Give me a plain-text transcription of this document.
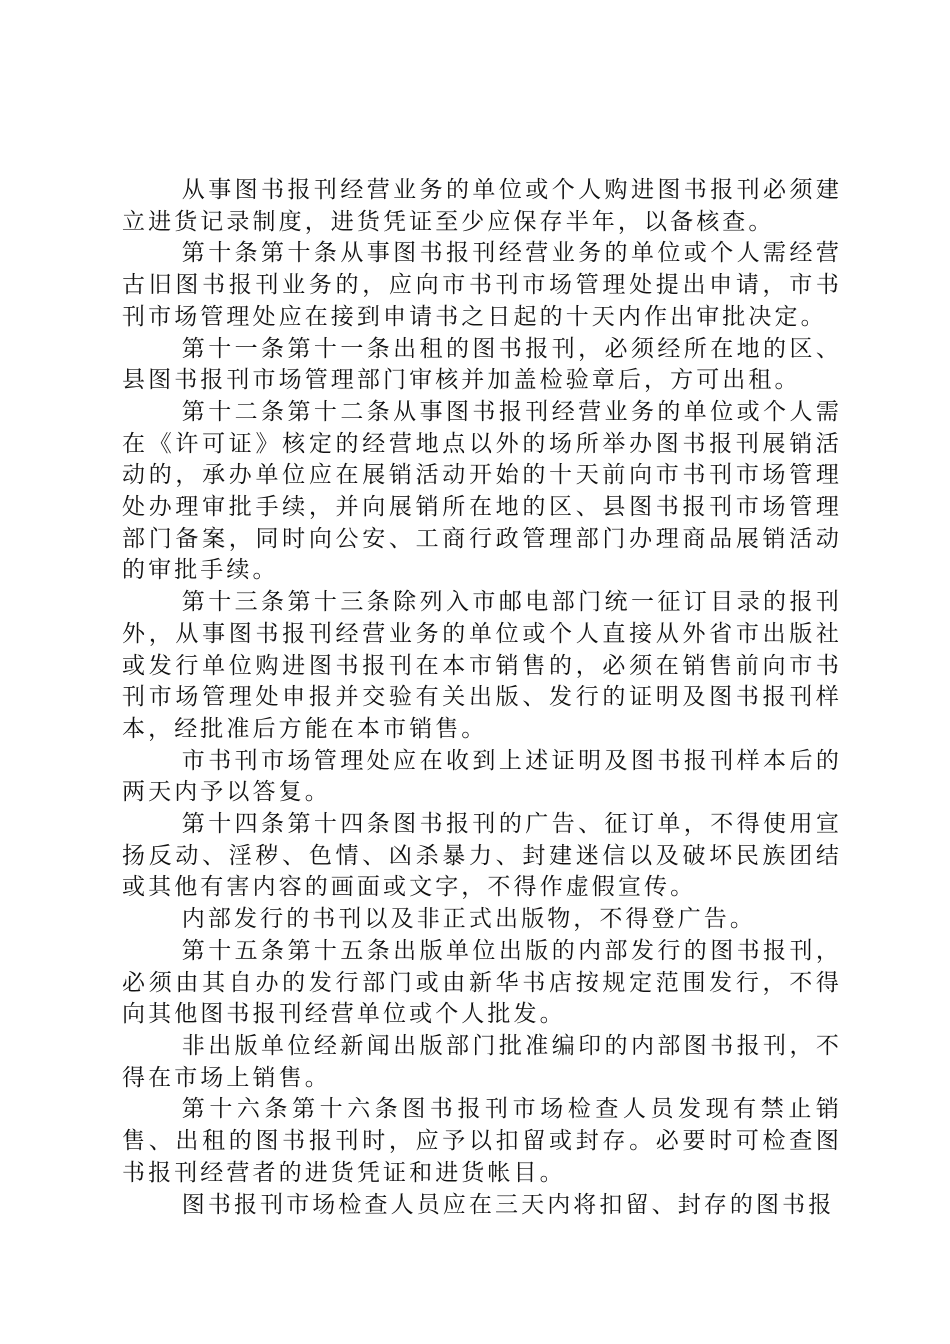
从事图书报刊经营业务的单位或个人购进图书报刊必须建立进货记录制度，进货凭证至少应保存半年，以备核查。

第十条第十条从事图书报刊经营业务的单位或个人需经营古旧图书报刊业务的，应向市书刊市场管理处提出申请，市书刊市场管理处应在接到申请书之日起的十天内作出审批决定。

第十一条第十一条出租的图书报刊，必须经所在地的区、县图书报刊市场管理部门审核并加盖检验章后，方可出租。

第十二条第十二条从事图书报刊经营业务的单位或个人需在《许可证》核定的经营地点以外的场所举办图书报刊展销活动的，承办单位应在展销活动开始的十天前向市书刊市场管理处办理审批手续，并向展销所在地的区、县图书报刊市场管理部门备案，同时向公安、工商行政管理部门办理商品展销活动的审批手续。

第十三条第十三条除列入市邮电部门统一征订目录的报刊外，从事图书报刊经营业务的单位或个人直接从外省市出版社或发行单位购进图书报刊在本市销售的，必须在销售前向市书刊市场管理处申报并交验有关出版、发行的证明及图书报刊样本，经批准后方能在本市销售。

市书刊市场管理处应在收到上述证明及图书报刊样本后的两天内予以答复。

第十四条第十四条图书报刊的广告、征订单，不得使用宣扬反动、淫秽、色情、凶杀暴力、封建迷信以及破坏民族团结或其他有害内容的画面或文字，不得作虚假宣传。

内部发行的书刊以及非正式出版物，不得登广告。

第十五条第十五条出版单位出版的内部发行的图书报刊，必须由其自办的发行部门或由新华书店按规定范围发行，不得向其他图书报刊经营单位或个人批发。

非出版单位经新闻出版部门批准编印的内部图书报刊，不得在市场上销售。

第十六条第十六条图书报刊市场检查人员发现有禁止销售、出租的图书报刊时，应予以扣留或封存。必要时可检查图书报刊经营者的进货凭证和进货帐目。

图书报刊市场检查人员应在三天内将扣留、封存的图书报
